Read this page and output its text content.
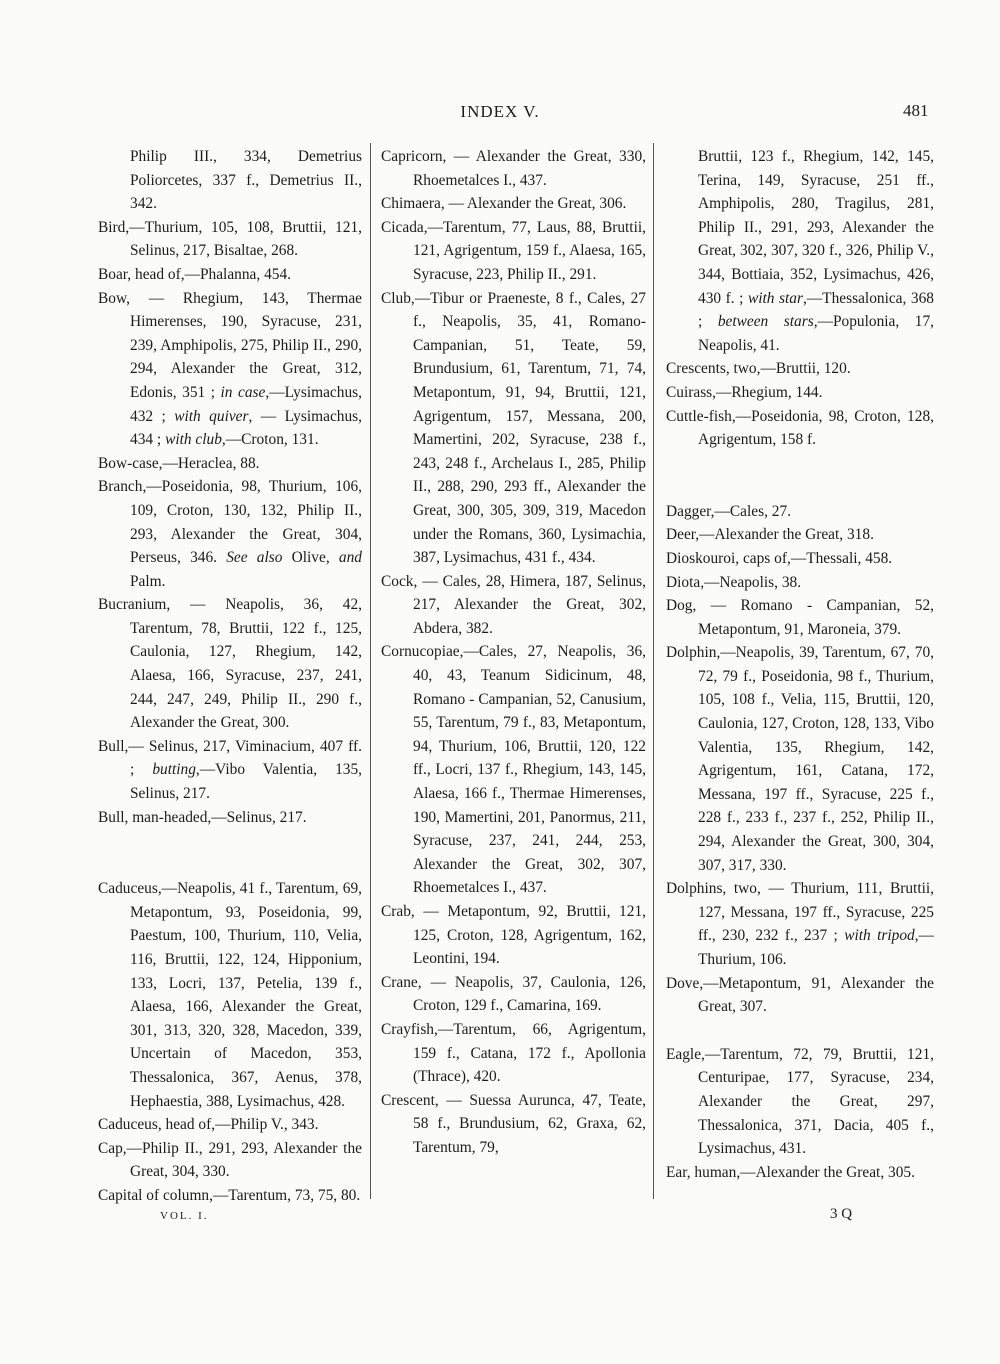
INDEX V.	481

Philip III., 334, Demetrius Poliorcetes, 337 f., Demetrius II., 342.

Bird,—Thurium, 105, 108, Bruttii, 121, Selinus, 217, Bisaltae, 268.

Boar, head of,—Phalanna, 454.

Bow, — Rhegium, 143, Thermae Himerenses, 190, Syracuse, 231, 239, Amphipolis, 275, Philip II., 290, 294, Alexander the Great, 312, Edonis, 351 ; in case,—Lysimachus, 432 ; with quiver, — Lysimachus, 434 ; with club,—Croton, 131.

Bow-case,—Heraclea, 88.

Branch,—Poseidonia, 98, Thurium, 106, 109, Croton, 130, 132, Philip II., 293, Alexander the Great, 304, Perseus, 346. See also Olive, and Palm.

Bucranium, — Neapolis, 36, 42, Tarentum, 78, Bruttii, 122 f., 125, Caulonia, 127, Rhegium, 142, Alaesa, 166, Syracuse, 237, 241, 244, 247, 249, Philip II., 290 f., Alexander the Great, 300.

Bull,— Selinus, 217, Viminacium, 407 ff. ; butting,—Vibo Valentia, 135, Selinus, 217.

Bull, man-headed,—Selinus, 217.

Caduceus,—Neapolis, 41 f., Tarentum, 69, Metapontum, 93, Poseidonia, 99, Paestum, 100, Thurium, 110, Velia, 116, Bruttii, 122, 124, Hipponium, 133, Locri, 137, Petelia, 139 f., Alaesa, 166, Alexander the Great, 301, 313, 320, 328, Macedon, 339, Uncertain of Macedon, 353, Thessalonica, 367, Aenus, 378, Hephaestia, 388, Lysimachus, 428.

Caduceus, head of,—Philip V., 343.

Cap,—Philip II., 291, 293, Alexander the Great, 304, 330.

Capital of column,—Tarentum, 73, 75, 80.

Capricorn, — Alexander the Great, 330, Rhoemetalces I., 437.

Chimaera, — Alexander the Great, 306.

Cicada,—Tarentum, 77, Laus, 88, Bruttii, 121, Agrigentum, 159 f., Alaesa, 165, Syracuse, 223, Philip II., 291.

Club,—Tibur or Praeneste, 8 f., Cales, 27 f., Neapolis, 35, 41, Romano-Campanian, 51, Teate, 59, Brundusium, 61, Tarentum, 71, 74, Metapontum, 91, 94, Bruttii, 121, Agrigentum, 157, Messana, 200, Mamertini, 202, Syracuse, 238 f., 243, 248 f., Archelaus I., 285, Philip II., 288, 290, 293 ff., Alexander the Great, 300, 305, 309, 319, Macedon under the Romans, 360, Lysimachia, 387, Lysimachus, 431 f., 434.

Cock, — Cales, 28, Himera, 187, Selinus, 217, Alexander the Great, 302, Abdera, 382.

Cornucopiae,—Cales, 27, Neapolis, 36, 40, 43, Teanum Sidicinum, 48, Romano - Campanian, 52, Canusium, 55, Tarentum, 79 f., 83, Metapontum, 94, Thurium, 106, Bruttii, 120, 122 ff., Locri, 137 f., Rhegium, 143, 145, Alaesa, 166 f., Thermae Himerenses, 190, Mamertini, 201, Panormus, 211, Syracuse, 237, 241, 244, 253, Alexander the Great, 302, 307, Rhoemetalces I., 437.

Crab, — Metapontum, 92, Bruttii, 121, 125, Croton, 128, Agrigentum, 162, Leontini, 194.

Crane, — Neapolis, 37, Caulonia, 126, Croton, 129 f., Camarina, 169.

Crayfish,—Tarentum, 66, Agrigentum, 159 f., Catana, 172 f., Apollonia (Thrace), 420.

Crescent, — Suessa Aurunca, 47, Teate, 58 f., Brundusium, 62, Graxa, 62, Tarentum, 79,

Bruttii, 123 f., Rhegium, 142, 145, Terina, 149, Syracuse, 251 ff., Amphipolis, 280, Tragilus, 281, Philip II., 291, 293, Alexander the Great, 302, 307, 320 f., 326, Philip V., 344, Bottiaia, 352, Lysimachus, 426, 430 f. ; with star,—Thessalonica, 368 ; between stars,—Populonia, 17, Neapolis, 41.

Crescents, two,—Bruttii, 120.

Cuirass,—Rhegium, 144.

Cuttle-fish,—Poseidonia, 98, Croton, 128, Agrigentum, 158 f.

Dagger,—Cales, 27.

Deer,—Alexander the Great, 318.

Dioskouroi, caps of,—Thessali, 458.

Diota,—Neapolis, 38.

Dog, — Romano - Campanian, 52, Metapontum, 91, Maroneia, 379.

Dolphin,—Neapolis, 39, Tarentum, 67, 70, 72, 79 f., Poseidonia, 98 f., Thurium, 105, 108 f., Velia, 115, Bruttii, 120, Caulonia, 127, Croton, 128, 133, Vibo Valentia, 135, Rhegium, 142, Agrigentum, 161, Catana, 172, Messana, 197 ff., Syracuse, 225 f., 228 f., 233 f., 237 f., 252, Philip II., 294, Alexander the Great, 300, 304, 307, 317, 330.

Dolphins, two, — Thurium, 111, Bruttii, 127, Messana, 197 ff., Syracuse, 225 ff., 230, 232 f., 237 ; with tripod,—Thurium, 106.

Dove,—Metapontum, 91, Alexander the Great, 307.

Eagle,—Tarentum, 72, 79, Bruttii, 121, Centuripae, 177, Syracuse, 234, Alexander the Great, 297, Thessalonica, 371, Dacia, 405 f., Lysimachus, 431.

Ear, human,—Alexander the Great, 305.

VOL. I.	3 Q
